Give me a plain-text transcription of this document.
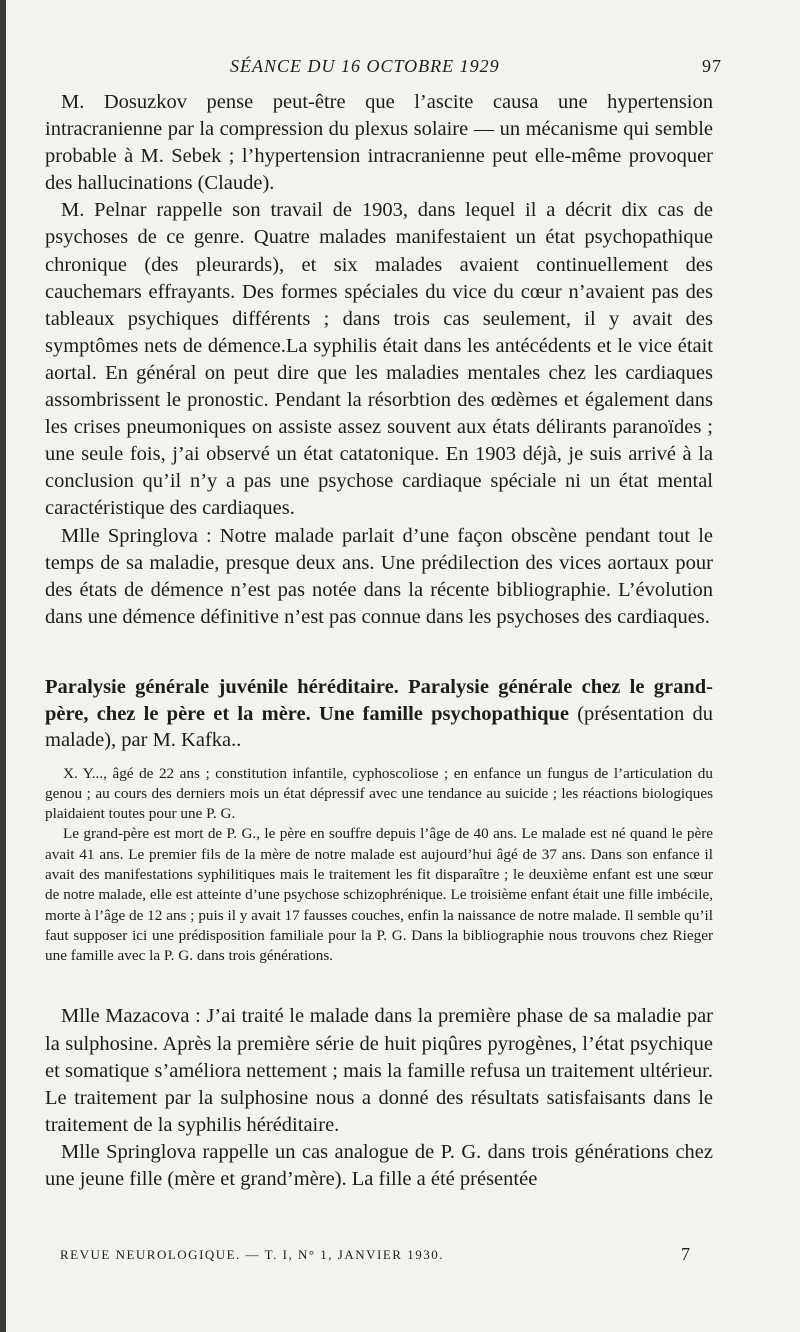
SÉANCE DU 16 OCTOBRE 1929	97

M. Dosuzkov pense peut-être que l’ascite causa une hypertension intracranienne par la compression du plexus solaire — un mécanisme qui semble probable à M. Sebek ; l’hypertension intracranienne peut elle-même provoquer des hallucinations (Claude).

M. Pelnar rappelle son travail de 1903, dans lequel il a décrit dix cas de psychoses de ce genre. Quatre malades manifestaient un état psychopathique chronique (des pleurards), et six malades avaient continuellement des cauchemars effrayants. Des formes spéciales du vice du cœur n’avaient pas des tableaux psychiques différents ; dans trois cas seulement, il y avait des symptômes nets de démence.La syphilis était dans les antécédents et le vice était aortal. En général on peut dire que les maladies mentales chez les cardiaques assombrissent le pronostic. Pendant la résorbtion des œdèmes et également dans les crises pneumoniques on assiste assez souvent aux états délirants paranoïdes ; une seule fois, j’ai observé un état catatonique. En 1903 déjà, je suis arrivé à la conclusion qu’il n’y a pas une psychose cardiaque spéciale ni un état mental caractéristique des cardiaques.

Mlle Springlova : Notre malade parlait d’une façon obscène pendant tout le temps de sa maladie, presque deux ans. Une prédilection des vices aortaux pour des états de démence n’est pas notée dans la récente bibliographie. L’évolution dans une démence définitive n’est pas connue dans les psychoses des cardiaques.

Paralysie générale juvénile héréditaire. Paralysie générale chez le grand-père, chez le père et la mère. Une famille psychopathique (présentation du malade), par M. Kafka..

X. Y..., âgé de 22 ans ; constitution infantile, cyphoscoliose ; en enfance un fungus de l’articulation du genou ; au cours des derniers mois un état dépressif avec une tendance au suicide ; les réactions biologiques plaidaient toutes pour une P. G.

Le grand-père est mort de P. G., le père en souffre depuis l’âge de 40 ans. Le malade est né quand le père avait 41 ans. Le premier fils de la mère de notre malade est aujourd’hui âgé de 37 ans. Dans son enfance il avait des manifestations syphilitiques mais le traitement les fit disparaître ; le deuxième enfant est une sœur de notre malade, elle est atteinte d’une psychose schizophrénique. Le troisième enfant était une fille imbécile, morte à l’âge de 12 ans ; puis il y avait 17 fausses couches, enfin la naissance de notre malade. Il semble qu’il faut supposer ici une prédisposition familiale pour la P. G. Dans la bibliographie nous trouvons chez Rieger une famille avec la P. G. dans trois générations.

Mlle Mazacova : J’ai traité le malade dans la première phase de sa maladie par la sulphosine. Après la première série de huit piqûres pyrogènes, l’état psychique et somatique s’améliora nettement ; mais la famille refusa un traitement ultérieur. Le traitement par la sulphosine nous a donné des résultats satisfaisants dans le traitement de la syphilis héréditaire.

Mlle Springlova rappelle un cas analogue de P. G. dans trois générations chez une jeune fille (mère et grand’mère). La fille a été présentée

REVUE NEUROLOGIQUE. — T. I, N° 1, JANVIER 1930.	7
